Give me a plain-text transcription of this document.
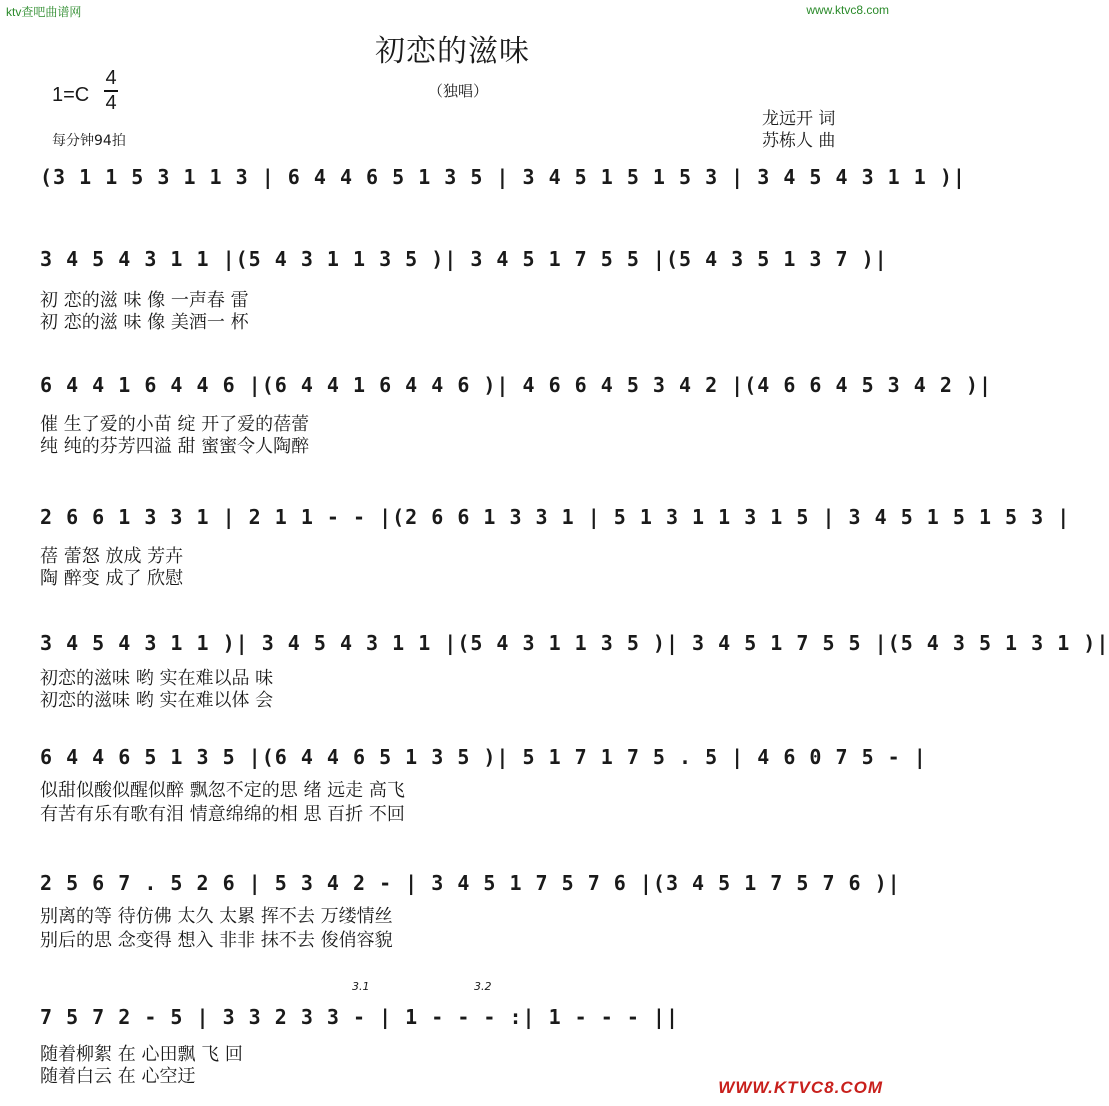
ktv查吧曲谱网	www.ktvc8.com
初恋的滋味
（独唱）
1=C
4
4
每分钟94拍
龙远开 词
苏栋人 曲
(3 1 1 5 3 1 1 3 | 6 4 4 6 5 1 3 5 | 3 4 5 1 5 1 5 3 | 3 4 5 4 3 1 1 )|
3 4 5 4 3 1 1 |(5 4 3 1 1 3 5 )| 3 4 5 1 7 5 5 |(5 4 3 5 1 3 7 )|
初 恋的滋 味 像 一声春 雷
初 恋的滋 味 像 美酒一 杯
6 4 4 1 6 4 4 6 |(6 4 4 1 6 4 4 6 )| 4 6 6 4 5 3 4 2 |(4 6 6 4 5 3 4 2 )|
催 生了爱的小苗 绽 开了爱的蓓蕾
纯 纯的芬芳四溢 甜 蜜蜜令人陶醉
2 6 6 1 3 3 1 | 2 1 1 - - |(2 6 6 1 3 3 1 | 5 1 3 1 1 3 1 5 | 3 4 5 1 5 1 5 3 |
蓓 蕾怒 放成 芳卉
陶 醉变 成了 欣慰
3 4 5 4 3 1 1 )| 3 4 5 4 3 1 1 |(5 4 3 1 1 3 5 )| 3 4 5 1 7 5 5 |(5 4 3 5 1 3 1 )|
初恋的滋味 哟 实在难以品 味
初恋的滋味 哟 实在难以体 会
6 4 4 6 5 1 3 5 |(6 4 4 6 5 1 3 5 )| 5 1 7 1 7 5 . 5 | 4 6 0 7 5 - |
似甜似酸似醒似醉 飘忽不定的思 绪 远走 高飞
有苦有乐有歌有泪 情意绵绵的相 思 百折 不回
2 5 6 7 . 5 2 6 | 5 3 4 2 - | 3 4 5 1 7 5 7 6 |(3 4 5 1 7 5 7 6 )|
别离的等 待仿佛 太久 太累 挥不去 万缕情丝
别后的思 念变得 想入 非非 抹不去 俊俏容貌
3.1	3.2
7 5 7 2 - 5 | 3 3 2 3 3 - | 1 - - - :| 1 - - - ||
随着柳絮 在 心田飘 飞 回
随着白云 在 心空迂
WWW.KTVC8.COM
